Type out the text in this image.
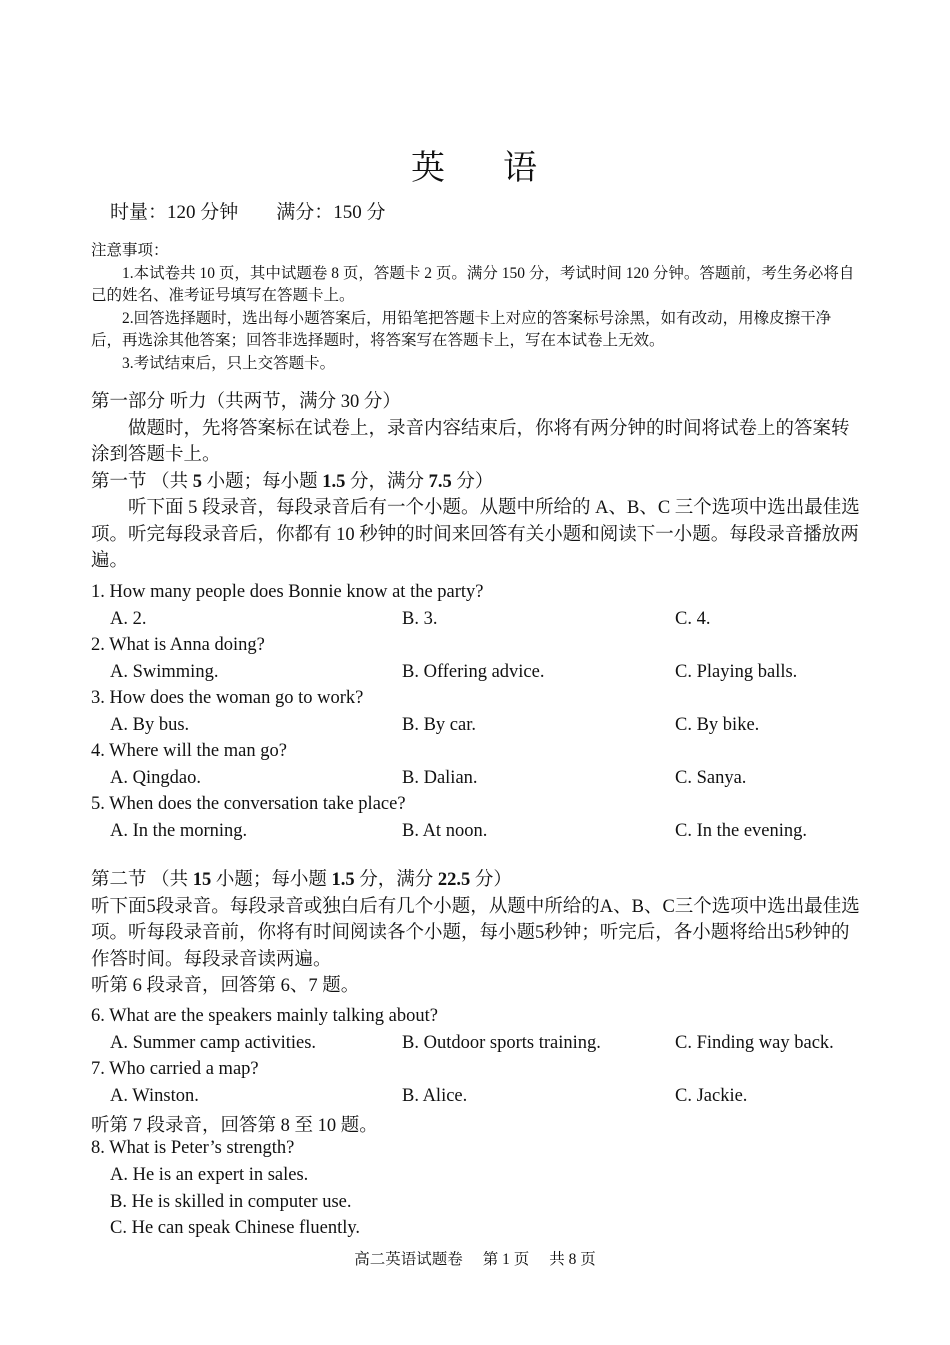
英 语
时量：120 分钟 满分：150 分

注意事项：

1.本试卷共 10 页，其中试题卷 8 页，答题卡 2 页。满分 150 分，考试时间 120 分钟。答题前，考生务必将自己的姓名、准考证号填写在答题卡上。

2.回答选择题时，选出每小题答案后，用铅笔把答题卡上对应的答案标号涂黑，如有改动，用橡皮擦干净后，再选涂其他答案；回答非选择题时，将答案写在答题卡上，写在本试卷上无效。

3.考试结束后，只上交答题卡。

第一部分 听力（共两节，满分 30 分）

做题时，先将答案标在试卷上，录音内容结束后，你将有两分钟的时间将试卷上的答案转涂到答题卡上。

第一节 （共 5 小题；每小题 1.5 分，满分 7.5 分）

听下面 5 段录音，每段录音后有一个小题。从题中所给的 A、B、C 三个选项中选出最佳选项。听完每段录音后，你都有 10 秒钟的时间来回答有关小题和阅读下一小题。每段录音播放两遍。

1. How many people does Bonnie know at the party?
A. 2.	B. 3.	C. 4.
2. What is Anna doing?
A. Swimming.	B. Offering advice.	C. Playing balls.
3. How does the woman go to work?
A. By bus.	B. By car.	C. By bike.
4. Where will the man go?
A. Qingdao.	B. Dalian.	C. Sanya.
5. When does the conversation take place?
A. In the morning.	B. At noon.	C. In the evening.

第二节 （共 15 小题；每小题 1.5 分，满分 22.5 分）

听下面5段录音。每段录音或独白后有几个小题，从题中所给的A、B、C三个选项中选出最佳选项。听每段录音前，你将有时间阅读各个小题，每小题5秒钟；听完后，各小题将给出5秒钟的作答时间。每段录音读两遍。

听第 6 段录音，回答第 6、7 题。

6. What are the speakers mainly talking about?
A. Summer camp activities.	B. Outdoor sports training.	C. Finding way back.
7. Who carried a map?
A. Winston.	B. Alice.	C. Jackie.
听第 7 段录音，回答第 8 至 10 题。
8. What is Peter’s strength?
A. He is an expert in sales.
B. He is skilled in computer use.
C. He can speak Chinese fluently.
高二英语试题卷 第 1 页 共 8 页
